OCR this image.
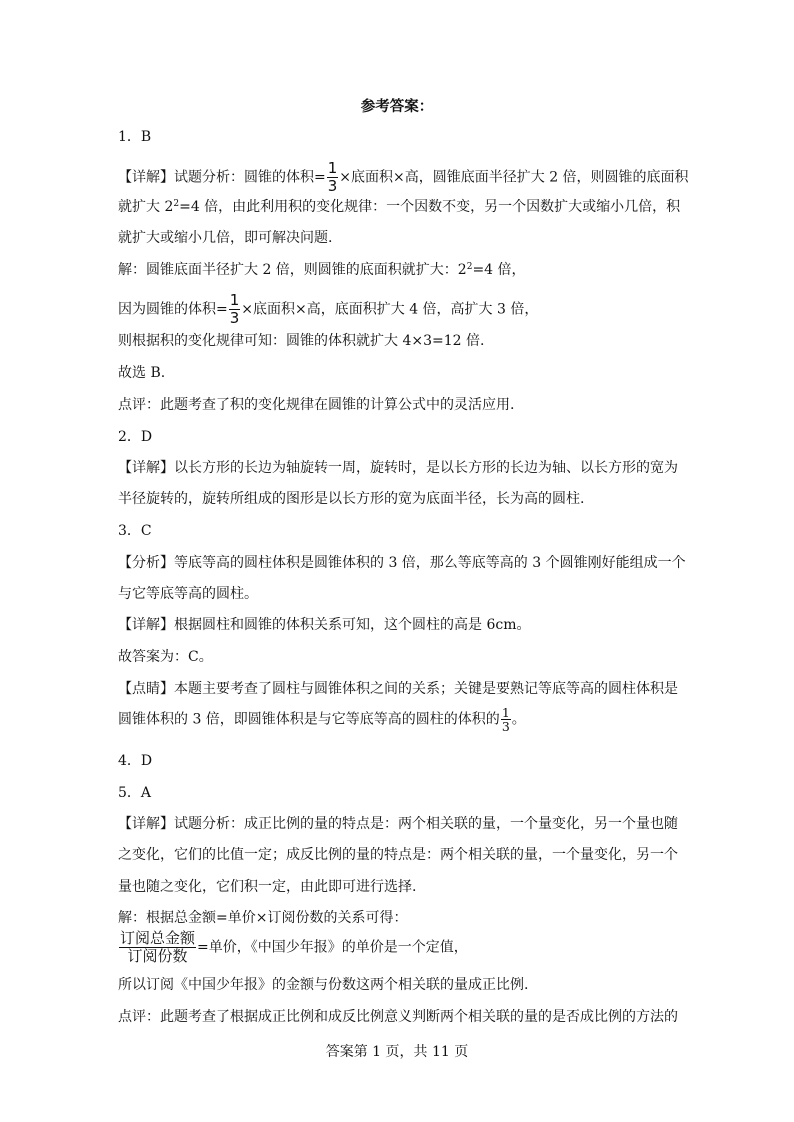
参考答案：
1．B
【详解】试题分析：圆锥的体积= $\frac{1}{3}$ ×底面积×高，圆锥底面半径扩大 2 倍，则圆锥的底面积
就扩大 $2^2=4$ 倍，由此利用积的变化规律：一个因数不变，另一个因数扩大或缩小几倍，积
就扩大或缩小几倍，即可解决问题.
解：圆锥底面半径扩大 2 倍，则圆锥的底面积就扩大：$2^2=4$ 倍，
因为圆锥的体积= $\frac{1}{3}$ ×底面积×高，底面积扩大 4 倍，高扩大 3 倍，
则根据积的变化规律可知：圆锥的体积就扩大 4×3=12 倍.
故选 B.
点评：此题考查了积的变化规律在圆锥的计算公式中的灵活应用.
2．D
【详解】以长方形的长边为轴旋转一周，旋转时，是以长方形的长边为轴、以长方形的宽为
半径旋转的，旋转所组成的图形是以长方形的宽为底面半径，长为高的圆柱.
3．C
【分析】等底等高的圆柱体积是圆锥体积的 3 倍，那么等底等高的 3 个圆锥刚好能组成一个
与它等底等高的圆柱。
【详解】根据圆柱和圆锥的体积关系可知，这个圆柱的高是 6cm。
故答案为：C。
【点睛】本题主要考查了圆柱与圆锥体积之间的关系；关键是要熟记等底等高的圆柱体积是
圆锥体积的 3 倍，即圆锥体积是与它等底等高的圆柱的体积的 $\frac{1}{3}$ 。
4．D
5．A
【详解】试题分析：成正比例的量的特点是：两个相关联的量，一个量变化，另一个量也随
之变化，它们的比值一定；成反比例的量的特点是：两个相关联的量，一个量变化，另一个
量也随之变化，它们积一定，由此即可进行选择.
解：根据总金额=单价×订阅份数的关系可得：
$\frac{\text{订阅总金额}}{\text{订阅份数}}$ =单价，《中国少年报》的单价是一个定值，
所以订阅《中国少年报》的金额与份数这两个相关联的量成正比例.
点评：此题考查了根据成正比例和成反比例意义判断两个相关联的量的是否成比例的方法的
答案第 1 页，共 11 页
